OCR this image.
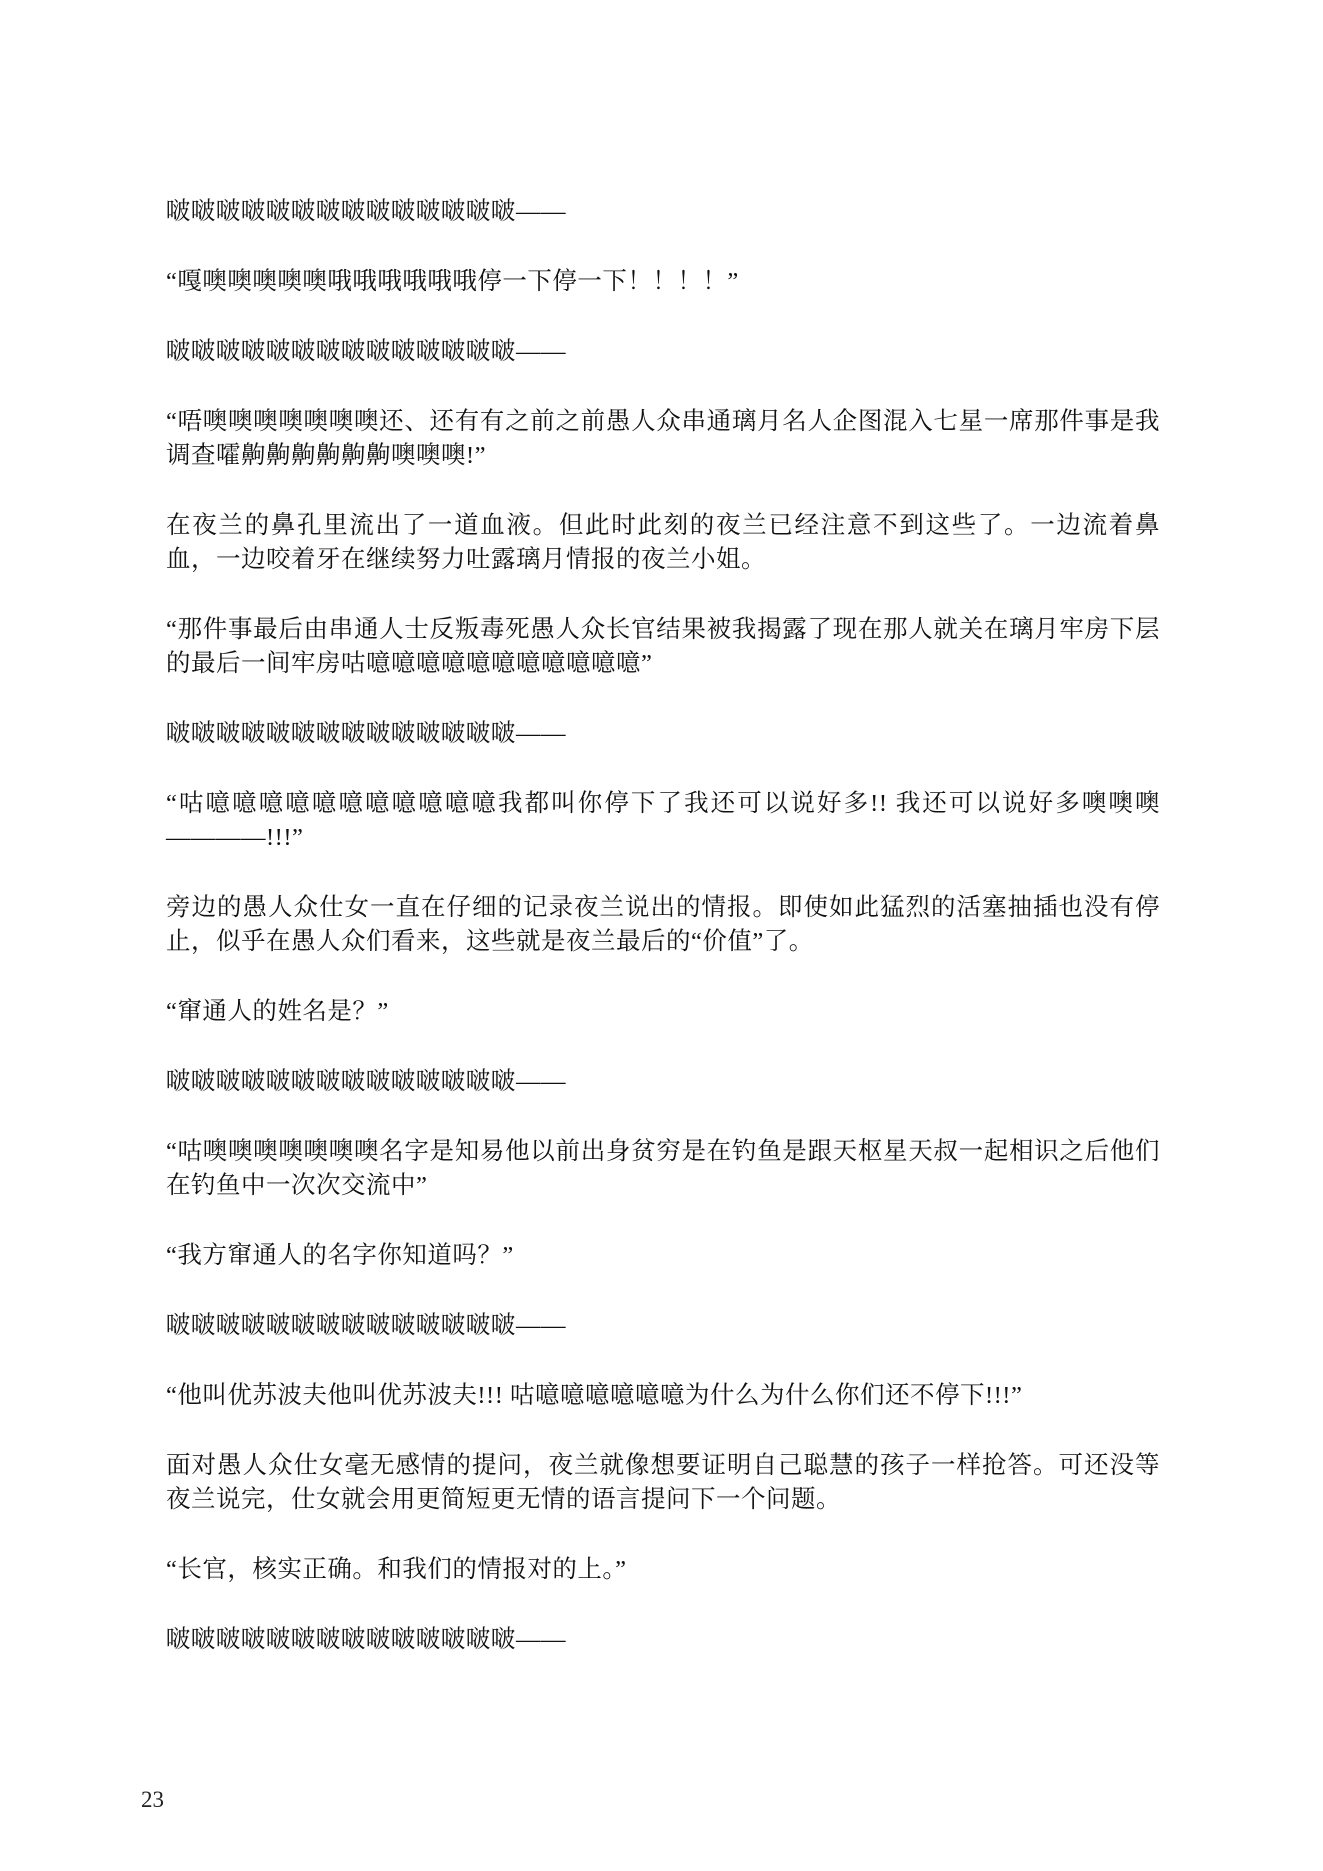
啵啵啵啵啵啵啵啵啵啵啵啵啵啵——

“嘎噢噢噢噢噢哦哦哦哦哦哦停一下停一下！！！！”

啵啵啵啵啵啵啵啵啵啵啵啵啵啵——

“唔噢噢噢噢噢噢噢还、还有有之前之前愚人众串通璃月名人企图混入七星一席那件事是我调查嚯齁齁齁齁齁齁噢噢噢!”

在夜兰的鼻孔里流出了一道血液。但此时此刻的夜兰已经注意不到这些了。一边流着鼻血，一边咬着牙在继续努力吐露璃月情报的夜兰小姐。

“那件事最后由串通人士反叛毒死愚人众长官结果被我揭露了现在那人就关在璃月牢房下层的最后一间牢房咕噫噫噫噫噫噫噫噫噫噫噫”

啵啵啵啵啵啵啵啵啵啵啵啵啵啵——

“咕噫噫噫噫噫噫噫噫噫噫噫我都叫你停下了我还可以说好多!! 我还可以说好多噢噢噢————!!!”

旁边的愚人众仕女一直在仔细的记录夜兰说出的情报。即使如此猛烈的活塞抽插也没有停止，似乎在愚人众们看来，这些就是夜兰最后的“价值”了。

“窜通人的姓名是？”

啵啵啵啵啵啵啵啵啵啵啵啵啵啵——

“咕噢噢噢噢噢噢噢名字是知易他以前出身贫穷是在钓鱼是跟天枢星天叔一起相识之后他们在钓鱼中一次次交流中”

“我方窜通人的名字你知道吗？”

啵啵啵啵啵啵啵啵啵啵啵啵啵啵——

“他叫优苏波夫他叫优苏波夫!!! 咕噫噫噫噫噫噫为什么为什么你们还不停下!!!”

面对愚人众仕女毫无感情的提问，夜兰就像想要证明自己聪慧的孩子一样抢答。可还没等夜兰说完，仕女就会用更简短更无情的语言提问下一个问题。

“长官，核实正确。和我们的情报对的上。”

啵啵啵啵啵啵啵啵啵啵啵啵啵啵——

23
